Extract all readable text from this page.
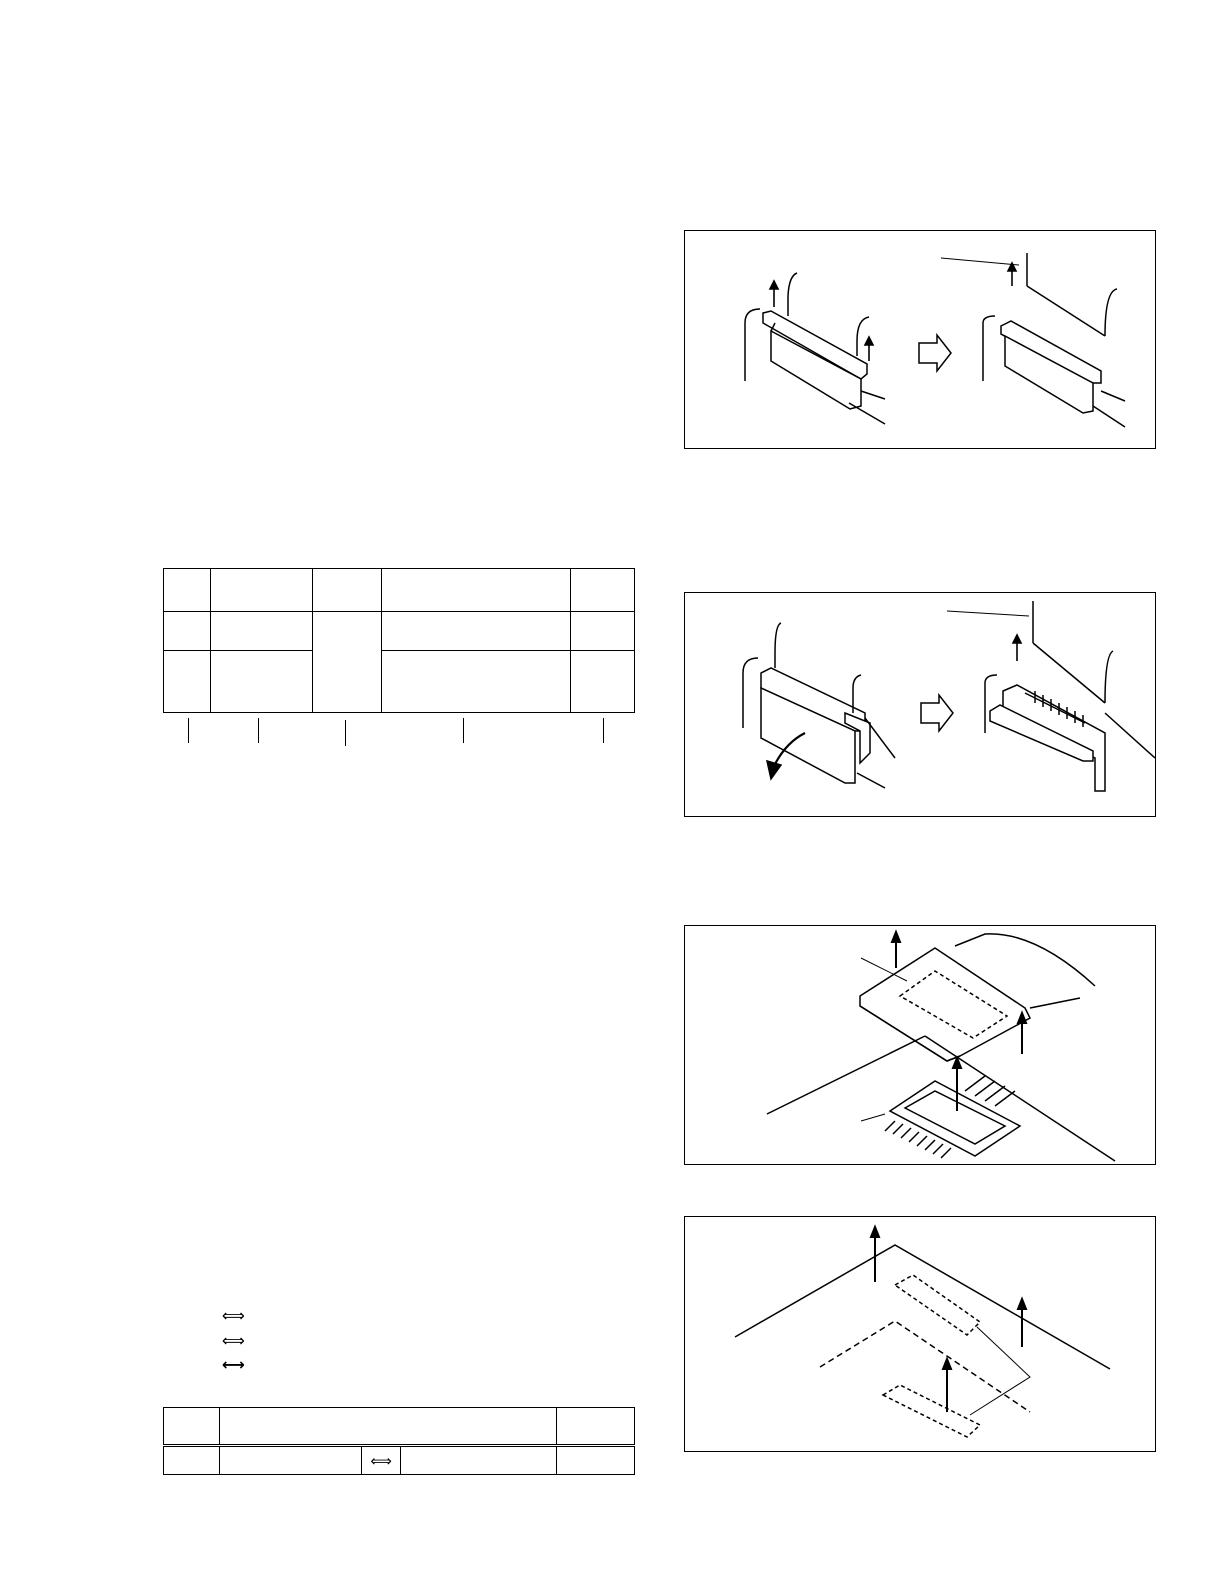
⟺
⟺
⟷

		⟺		
